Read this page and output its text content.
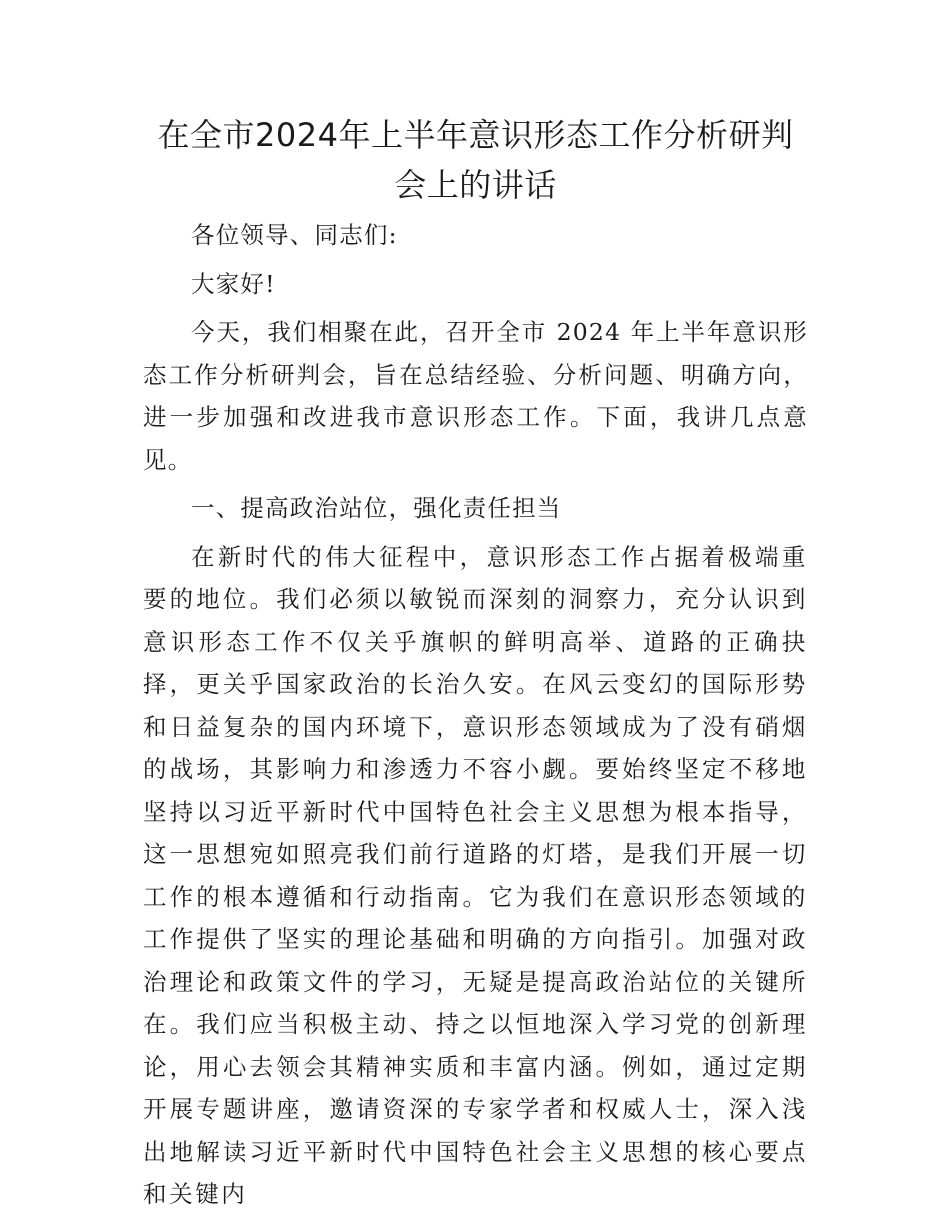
在全市2024年上半年意识形态工作分析研判会上的讲话

各位领导、同志们:

大家好!

今天，我们相聚在此，召开全市 2024 年上半年意识形态工作分析研判会，旨在总结经验、分析问题、明确方向，进一步加强和改进我市意识形态工作。下面，我讲几点意见。

一、提高政治站位，强化责任担当

在新时代的伟大征程中，意识形态工作占据着极端重要的地位。我们必须以敏锐而深刻的洞察力，充分认识到意识形态工作不仅关乎旗帜的鲜明高举、道路的正确抉择，更关乎国家政治的长治久安。在风云变幻的国际形势和日益复杂的国内环境下，意识形态领域成为了没有硝烟的战场，其影响力和渗透力不容小觑。要始终坚定不移地坚持以习近平新时代中国特色社会主义思想为根本指导，这一思想宛如照亮我们前行道路的灯塔，是我们开展一切工作的根本遵循和行动指南。它为我们在意识形态领域的工作提供了坚实的理论基础和明确的方向指引。加强对政治理论和政策文件的学习，无疑是提高政治站位的关键所在。我们应当积极主动、持之以恒地深入学习党的创新理论，用心去领会其精神实质和丰富内涵。例如，通过定期开展专题讲座，邀请资深的专家学者和权威人士，深入浅出地解读习近平新时代中国特色社会主义思想的核心要点和关键内
